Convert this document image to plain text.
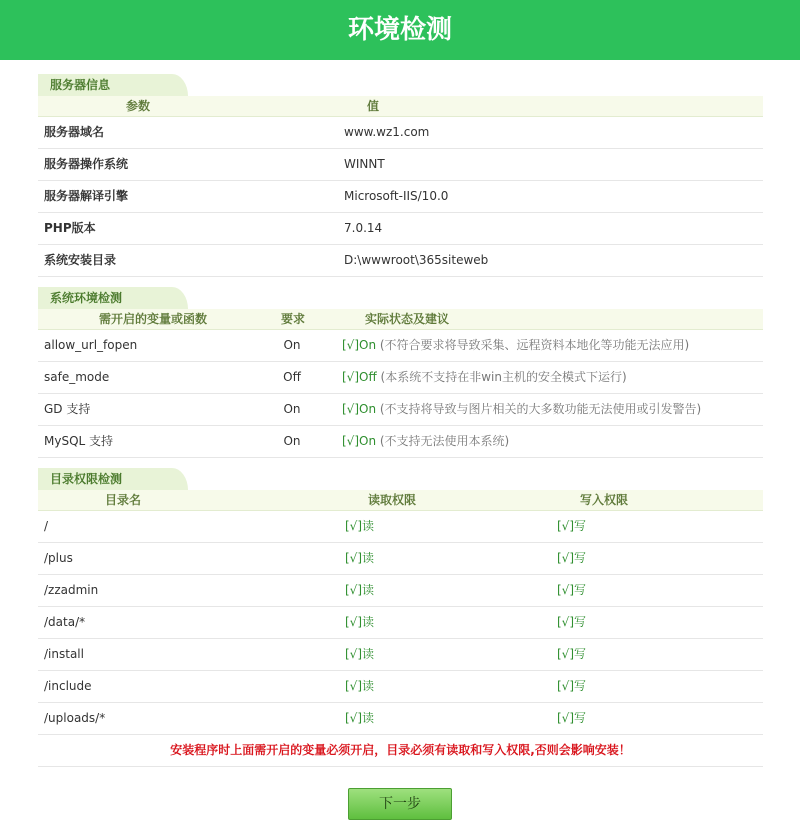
环境检测
服务器信息
参数	值
服务器域名	www.wz1.com
服务器操作系统	WINNT
服务器解译引擎	Microsoft-IIS/10.0
PHP版本	7.0.14
系统安装目录	D:\wwwroot\365siteweb
系统环境检测
需开启的变量或函数	要求	实际状态及建议
allow_url_fopen	On	[√]On (不符合要求将导致采集、远程资料本地化等功能无法应用)
safe_mode	Off	[√]Off (本系统不支持在非win主机的安全模式下运行)
GD 支持	On	[√]On (不支持将导致与图片相关的大多数功能无法使用或引发警告)
MySQL 支持	On	[√]On (不支持无法使用本系统)
目录权限检测
目录名	读取权限	写入权限
/	[√]读	[√]写
/plus	[√]读	[√]写
/zzadmin	[√]读	[√]写
/data/*	[√]读	[√]写
/install	[√]读	[√]写
/include	[√]读	[√]写
/uploads/*	[√]读	[√]写
安装程序时上面需开启的变量必须开启，目录必须有读取和写入权限,否则会影响安装！
下一步
